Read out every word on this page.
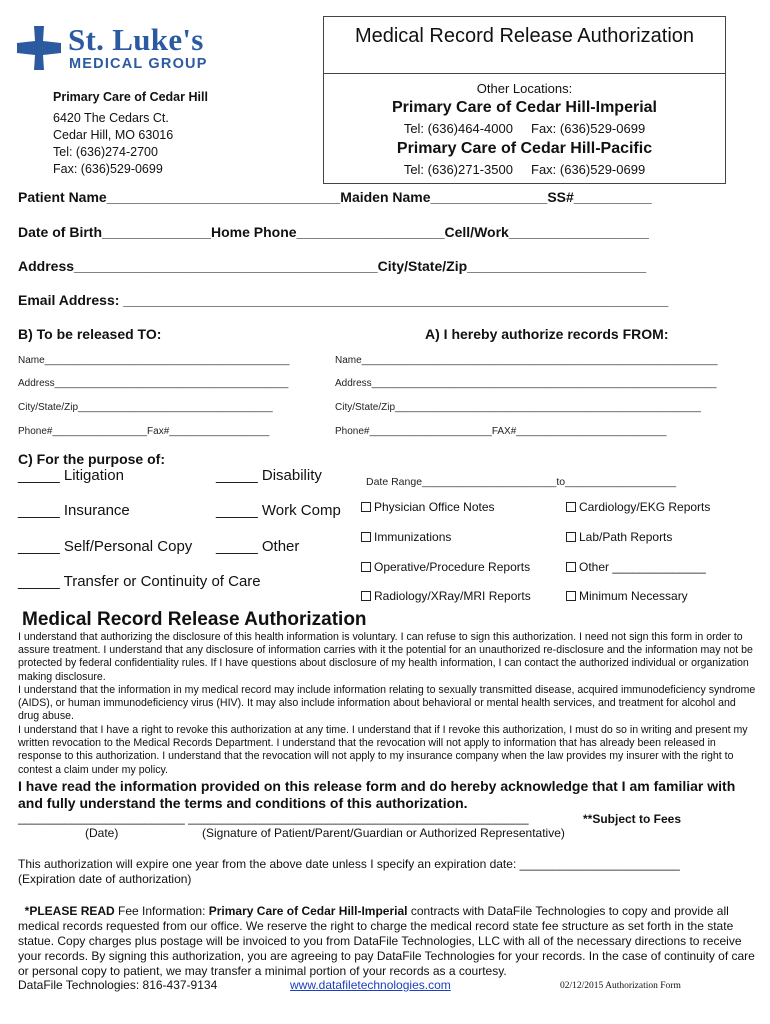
St. Luke's
MEDICAL GROUP
Primary Care of Cedar Hill
6420 The Cedars Ct.
Cedar Hill, MO 63016
Tel: (636)274-2700
Fax: (636)529-0699
Medical Record Release Authorization
Other Locations:
Primary Care of Cedar Hill-Imperial
Tel: (636)464-4000     Fax: (636)529-0699
Primary Care of Cedar Hill-Pacific
Tel: (636)271-3500     Fax: (636)529-0699
Patient Name______________________________Maiden Name_______________SS#__________
Date of Birth______________Home Phone___________________Cell/Work__________________
Address_______________________________________City/State/Zip_______________________
Email Address: ______________________________________________________________________
B) To be released TO:	A) I hereby authorize records FROM:
Name____________________________________________
Address__________________________________________
City/State/Zip___________________________________
Phone#_________________Fax#__________________
Name________________________________________________________________
Address______________________________________________________________
City/State/Zip_______________________________________________________
Phone#______________________FAX#___________________________
C) For the purpose of:
_____ Litigation	_____ Disability
_____ Insurance	_____ Work Comp
_____ Self/Personal Copy _____ Other
_____ Transfer or Continuity of Care
Date Range_______________________to___________________
Physician Office Notes	Cardiology/EKG Reports
Immunizations	Lab/Path Reports
Operative/Procedure Reports	Other ______________
Radiology/XRay/MRI Reports	Minimum Necessary
Medical Record Release Authorization
I understand that authorizing the disclosure of this health information is voluntary. I can refuse to sign this authorization. I need not sign this form in order to assure treatment. I understand that any disclosure of information carries with it the potential for an unauthorized re-disclosure and the information may not be protected by federal confidentiality rules. If I have questions about disclosure of my health information, I can contact the authorized individual or organization making disclosure.
I understand that the information in my medical record may include information relating to sexually transmitted disease, acquired immunodeficiency syndrome (AIDS), or human immunodeficiency virus (HIV). It may also include information about behavioral or mental health services, and treatment for alcohol and drug abuse.
I understand that I have a right to revoke this authorization at any time. I understand that if I revoke this authorization, I must do so in writing and present my written revocation to the Medical Records Department. I understand that the revocation will not apply to information that has already been released in response to this authorization. I understand that the revocation will not apply to my insurance company when the law provides my insurer with the right to contest a claim under my policy.
I have read the information provided on this release form and do hereby acknowledge that I am familiar with and fully understand the terms and conditions of this authorization.
_________________________ ___________________________________________________	**Subject to Fees
(Date)	(Signature of Patient/Parent/Guardian or Authorized Representative)
This authorization will expire one year from the above date unless I specify an expiration date: ________________________
(Expiration date of authorization)
*PLEASE READ Fee Information: Primary Care of Cedar Hill-Imperial contracts with DataFile Technologies to copy and provide all medical records requested from our office. We reserve the right to charge the medical record state fee structure as set forth in the state statue. Copy charges plus postage will be invoiced to you from DataFile Technologies, LLC with all of the necessary directions to receive your records. By signing this authorization, you are agreeing to pay DataFile Technologies for your records. In the case of continuity of care or personal copy to patient, we may transfer a minimal portion of your records as a courtesy.
DataFile Technologies: 816-437-9134	www.datafiletechnologies.com	02/12/2015 Authorization Form
